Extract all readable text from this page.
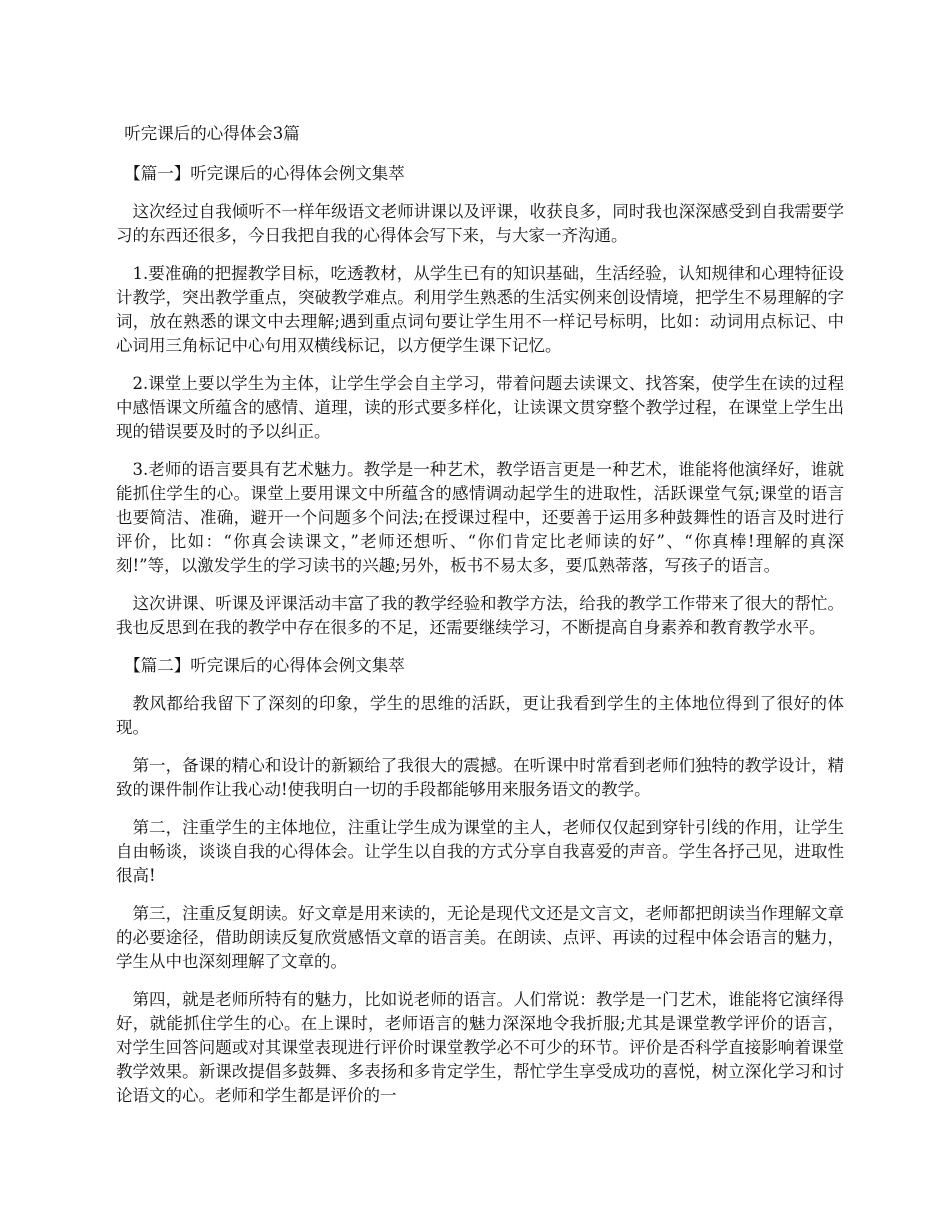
听完课后的心得体会3篇

【篇一】听完课后的心得体会例文集萃

这次经过自我倾听不一样年级语文老师讲课以及评课，收获良多，同时我也深深感受到自我需要学习的东西还很多，今日我把自我的心得体会写下来，与大家一齐沟通。

1.要准确的把握教学目标，吃透教材，从学生已有的知识基础，生活经验，认知规律和心理特征设计教学，突出教学重点，突破教学难点。利用学生熟悉的生活实例来创设情境，把学生不易理解的字词，放在熟悉的课文中去理解;遇到重点词句要让学生用不一样记号标明，比如：动词用点标记、中心词用三角标记中心句用双横线标记，以方便学生课下记忆。

2.课堂上要以学生为主体，让学生学会自主学习，带着问题去读课文、找答案，使学生在读的过程中感悟课文所蕴含的感情、道理，读的形式要多样化，让读课文贯穿整个教学过程，在课堂上学生出现的错误要及时的予以纠正。

3.老师的语言要具有艺术魅力。教学是一种艺术，教学语言更是一种艺术，谁能将他演绎好，谁就能抓住学生的心。课堂上要用课文中所蕴含的感情调动起学生的进取性，活跃课堂气氛;课堂的语言也要简洁、准确，避开一个问题多个问法;在授课过程中，还要善于运用多种鼓舞性的语言及时进行评价，比如：“你真会读课文，”老师还想听、“你们肯定比老师读的好”、“你真棒!理解的真深刻!”等，以激发学生的学习读书的兴趣;另外，板书不易太多，要瓜熟蒂落，写孩子的语言。

这次讲课、听课及评课活动丰富了我的教学经验和教学方法，给我的教学工作带来了很大的帮忙。我也反思到在我的教学中存在很多的不足，还需要继续学习，不断提高自身素养和教育教学水平。

【篇二】听完课后的心得体会例文集萃

教风都给我留下了深刻的印象，学生的思维的活跃，更让我看到学生的主体地位得到了很好的体现。

第一，备课的精心和设计的新颖给了我很大的震撼。在听课中时常看到老师们独特的教学设计，精致的课件制作让我心动!使我明白一切的手段都能够用来服务语文的教学。

第二，注重学生的主体地位，注重让学生成为课堂的主人，老师仅仅起到穿针引线的作用，让学生自由畅谈，谈谈自我的心得体会。让学生以自我的方式分享自我喜爱的声音。学生各抒己见，进取性很高!

第三，注重反复朗读。好文章是用来读的，无论是现代文还是文言文，老师都把朗读当作理解文章的必要途径，借助朗读反复欣赏感悟文章的语言美。在朗读、点评、再读的过程中体会语言的魅力，学生从中也深刻理解了文章的。

第四，就是老师所特有的魅力，比如说老师的语言。人们常说：教学是一门艺术，谁能将它演绎得好，就能抓住学生的心。在上课时，老师语言的魅力深深地令我折服;尤其是课堂教学评价的语言，对学生回答问题或对其课堂表现进行评价时课堂教学必不可少的环节。评价是否科学直接影响着课堂教学效果。新课改提倡多鼓舞、多表扬和多肯定学生，帮忙学生享受成功的喜悦，树立深化学习和讨论语文的心。老师和学生都是评价的一
